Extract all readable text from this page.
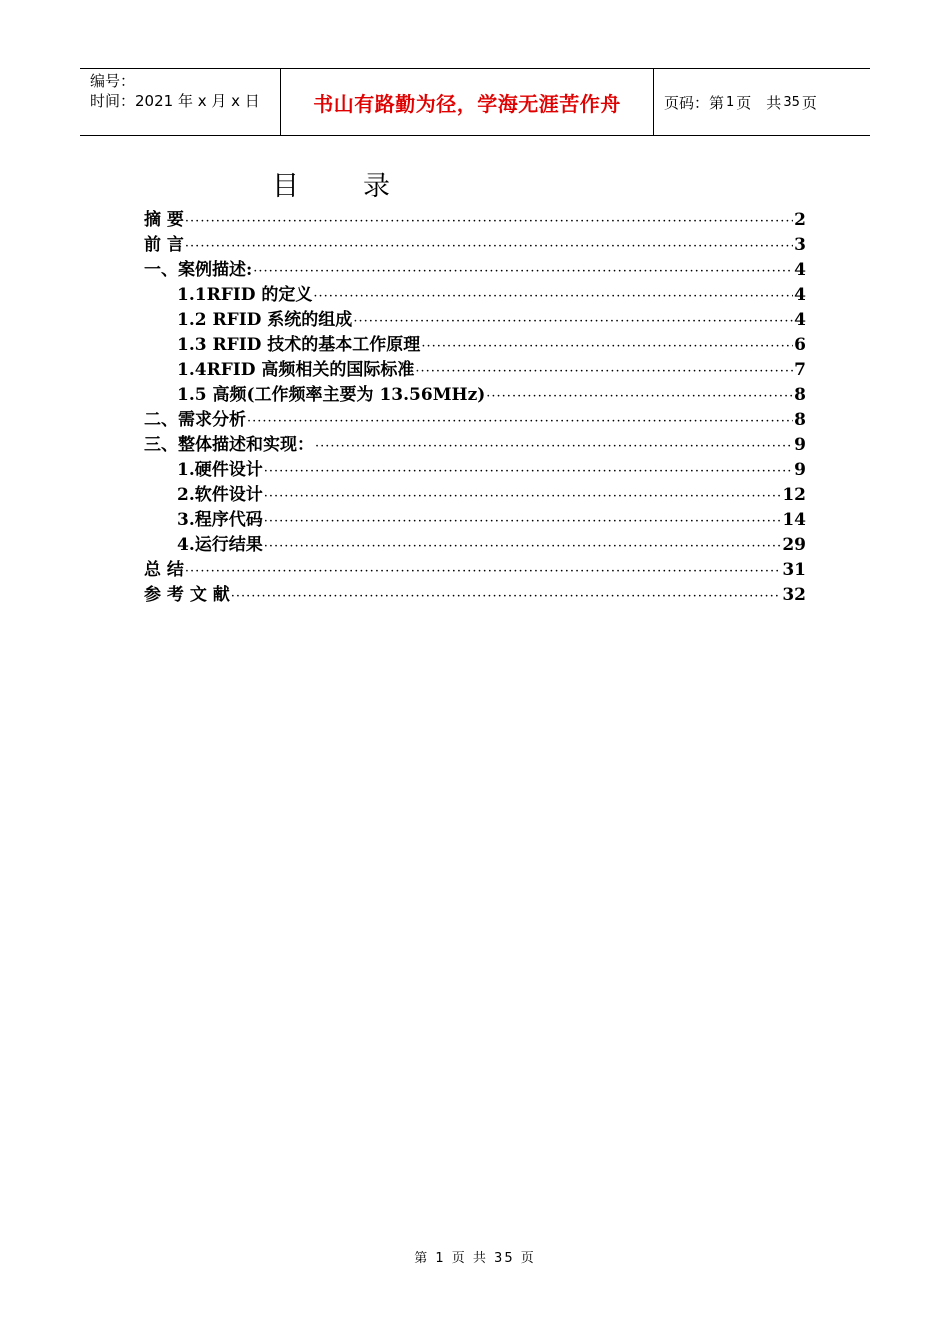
编号：
时间：2021 年 x 月 x 日	书山有路勤为径，学海无涯苦作舟	页码：第 1 页　共 35 页
目 录
摘 要 ·····	2
前 言 ·····	3
一、案例描述: ·····	4
1.1RFID 的定义 ·····	4
1.2 RFID 系统的组成 ·····	4
1.3 RFID 技术的基本工作原理 ·····	6
1.4RFID 高频相关的国际标准 ·····	7
1.5 高频(工作频率主要为 13.56MHz) ·····	8
二、需求分析 ·····	8
三、整体描述和实现： ·····	9
1.硬件设计 ·····	9
2.软件设计 ·····	12
3.程序代码 ·····	14
4.运行结果 ·····	29
总 结 ·····	31
参 考 文 献 ·····	32
第 1 页 共 35 页
